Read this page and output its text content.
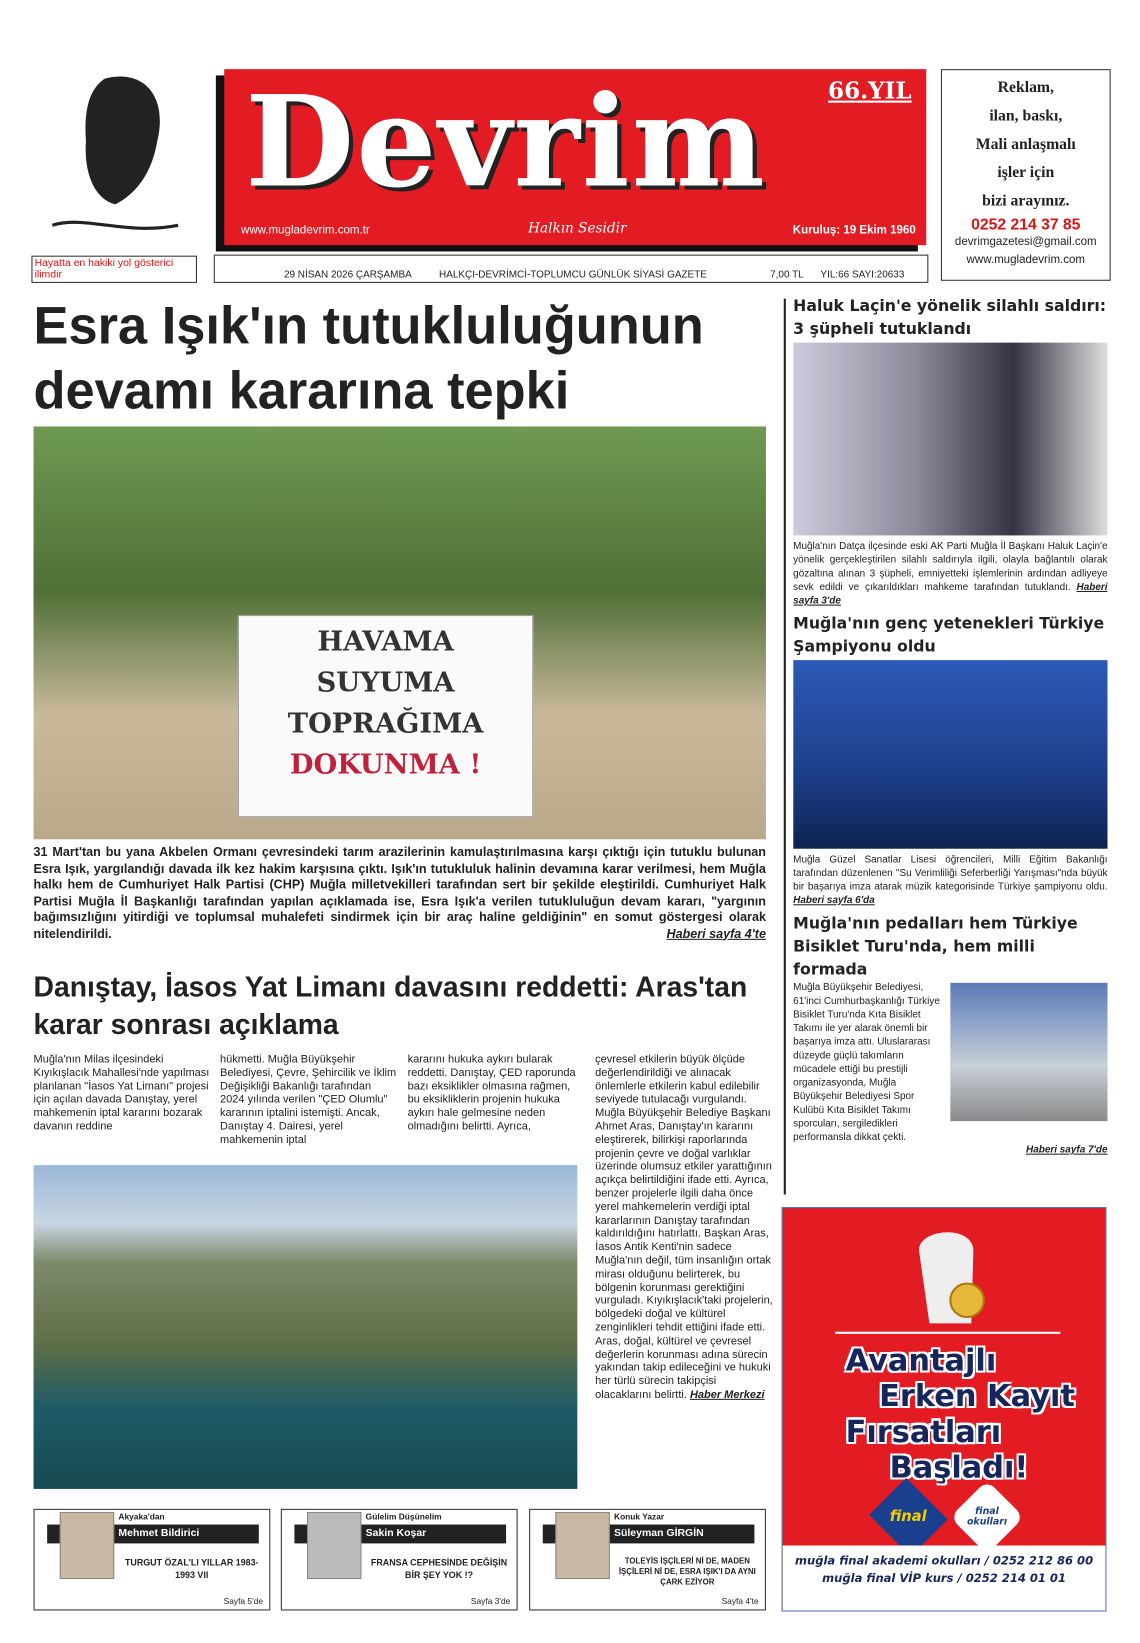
Hayatta en hakiki yol gösterici ilimdir
Devrim	66.YIL
www.mugladevrim.com.tr	Halkın Sesidir	Kuruluş: 19 Ekim 1960
29 NİSAN 2026 ÇARŞAMBA	HALKÇI-DEVRİMCİ-TOPLUMCU GÜNLÜK SİYASİ GAZETE	7,00 TL YIL:66 SAYI:20633
Reklam,
ilan, baskı,
Mali anlaşmalı
işler için
bizi arayınız.
0252 214 37 85
devrimgazetesi@gmail.com
www.mugladevrim.com
Esra Işık'ın tutukluluğunun devamı kararına tepki
HAVAMA
SUYUMA
TOPRAĞIMA
DOKUNMA !
31 Mart'tan bu yana Akbelen Ormanı çevresindeki tarım arazilerinin kamulaştırılmasına karşı çıktığı için tutuklu bulunan Esra Işık, yargılandığı davada ilk kez hakim karşısına çıktı. Işık'ın tutukluluk halinin devamına karar verilmesi, hem Muğla halkı hem de Cumhuriyet Halk Partisi (CHP) Muğla milletvekilleri tarafından sert bir şekilde eleştirildi. Cumhuriyet Halk Partisi Muğla İl Başkanlığı tarafından yapılan açıklamada ise, Esra Işık'a verilen tutukluluğun devam kararı, "yargının bağımsızlığını yitirdiği ve toplumsal muhalefeti sindirmek için bir araç haline geldiğinin" en somut göstergesi olarak nitelendirildi.	Haberi sayfa 4'te
Danıştay, İasos Yat Limanı davasını reddetti: Aras'tan karar sonrası açıklama
Muğla'nın Milas ilçesindeki Kıyıkışlacık Mahallesi'nde yapılması planlanan "İasos Yat Limanı" projesi için açılan davada Danıştay, yerel mahkemenin iptal kararını bozarak davanın reddine
hükmetti. Muğla Büyükşehir Belediyesi, Çevre, Şehircilik ve İklim Değişikliği Bakanlığı tarafından 2024 yılında verilen "ÇED Olumlu" kararının iptalini istemişti. Ancak, Danıştay 4. Dairesi, yerel mahkemenin iptal
kararını hukuka aykırı bularak reddetti. Danıştay, ÇED raporunda bazı eksiklikler olmasına rağmen, bu eksikliklerin projenin hukuka aykırı hale gelmesine neden olmadığını belirtti. Ayrıca,
çevresel etkilerin büyük ölçüde değerlendirildiği ve alınacak önlemlerle etkilerin kabul edilebilir seviyede tutulacağı vurgulandı. Muğla Büyükşehir Belediye Başkanı Ahmet Aras, Danıştay'ın kararını eleştirerek, bilirkişi raporlarında projenin çevre ve doğal varlıklar üzerinde olumsuz etkiler yarattığının açıkça belirtildiğini ifade etti. Ayrıca, benzer projelerle ilgili daha önce yerel mahkemelerin verdiği iptal kararlarının Danıştay tarafından kaldırıldığını hatırlattı. Başkan Aras, İasos Antik Kenti'nin sadece Muğla'nın değil, tüm insanlığın ortak mirası olduğunu belirterek, bu bölgenin korunması gerektiğini vurguladı. Kıyıkışlacık'taki projelerin, bölgedeki doğal ve kültürel zenginlikleri tehdit ettiğini ifade etti. Aras, doğal, kültürel ve çevresel değerlerin korunması adına sürecin yakından takip edileceğini ve hukuki her türlü sürecin takipçisi olacaklarını belirtti. Haber Merkezi
Haluk Laçin'e yönelik silahlı saldırı: 3 şüpheli tutuklandı
Muğla'nın Datça ilçesinde eski AK Parti Muğla İl Başkanı Haluk Laçin'e yönelik gerçekleştirilen silahlı saldırıyla ilgili, olayla bağlantılı olarak gözaltına alınan 3 şüpheli, emniyetteki işlemlerinin ardından adliyeye sevk edildi ve çıkarıldıkları mahkeme tarafından tutuklandı. Haberi sayfa 3'de
Muğla'nın genç yetenekleri Türkiye Şampiyonu oldu
Muğla Güzel Sanatlar Lisesi öğrencileri, Milli Eğitim Bakanlığı tarafından düzenlenen "Su Verimliliği Seferberliği Yarışması"nda büyük bir başarıya imza atarak müzik kategorisinde Türkiye şampiyonu oldu. Haberi sayfa 6'da
Muğla'nın pedalları hem Türkiye Bisiklet Turu'nda, hem milli formada
Muğla Büyükşehir Belediyesi, 61'inci Cumhurbaşkanlığı Türkiye Bisiklet Turu'nda Kıta Bisiklet Takımı ile yer alarak önemli bir başarıya imza attı. Uluslararası düzeyde güçlü takımların mücadele ettiği bu prestijli organizasyonda, Muğla Büyükşehir Belediyesi Spor Kulübü Kıta Bisiklet Takımı sporcuları, sergiledikleri performansla dikkat çekti.
Haberi sayfa 7'de
Avantajlı
Erken Kayıt
Fırsatları
Başladı!
final	final okulları
muğla final akademi okulları / 0252 212 86 00
muğla final VİP kurs / 0252 214 01 01
Akyaka'dan
Mehmet Bildirici
TURGUT ÖZAL'LI YILLAR 1983-1993 VII
Sayfa 5'de
Gülelim Düşünelim
Sakin Koşar
FRANSA CEPHESİNDE DEĞİŞİN BİR ŞEY YOK !?
Sayfa 3'de
Konuk Yazar
Süleyman GİRGİN
TOLEYİS İŞÇİLERİ Nİ DE, MADEN İŞÇİLERİ Nİ DE, ESRA IŞIK'I DA AYNI ÇARK EZİYOR
Sayfa 4'te
